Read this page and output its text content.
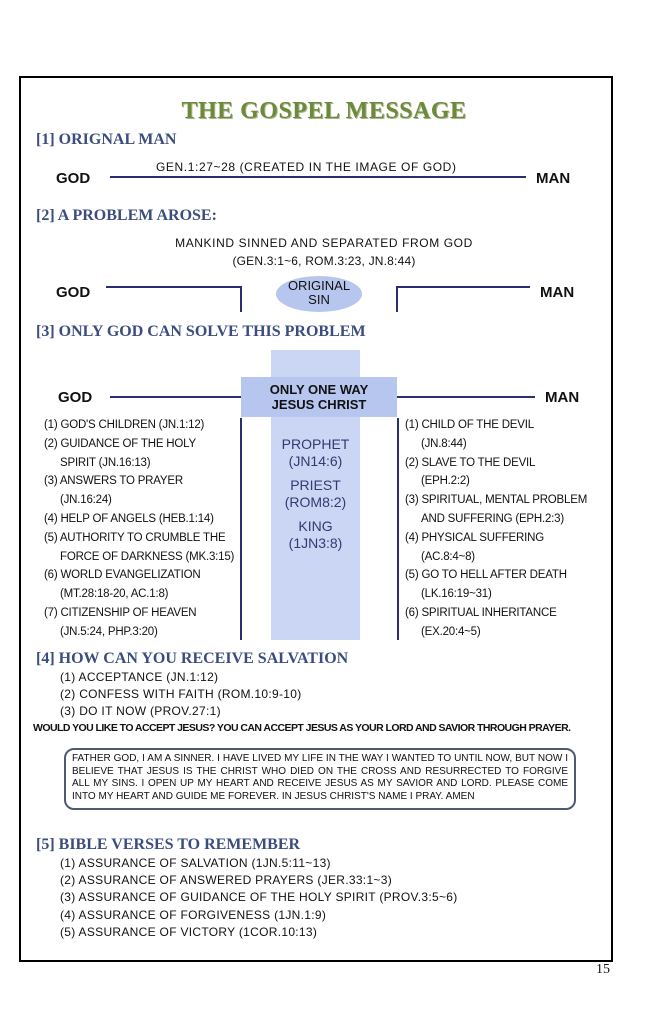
THE GOSPEL MESSAGE
[1] ORIGNAL MAN
GEN.1:27~28 (CREATED IN THE IMAGE OF GOD)
GOD	MAN
[2] A PROBLEM AROSE:
MANKIND SINNED AND SEPARATED FROM GOD
(GEN.3:1~6, ROM.3:23, JN.8:44)
GOD	ORIGINAL
SIN	MAN
[3] ONLY GOD CAN SOLVE THIS PROBLEM
ONLY ONE WAY
JESUS CHRIST
GOD	MAN
PROPHET
(JN14:6)
PRIEST
(ROM8:2)
KING
(1JN3:8)
(1) GOD'S CHILDREN (JN.1:12)
(2) GUIDANCE OF THE HOLY
SPIRIT (JN.16:13)
(3) ANSWERS TO PRAYER
(JN.16:24)
(4) HELP OF ANGELS (HEB.1:14)
(5) AUTHORITY TO CRUMBLE THE
FORCE OF DARKNESS (MK.3:15)
(6) WORLD EVANGELIZATION
(MT.28:18-20, AC.1:8)
(7) CITIZENSHIP OF HEAVEN
(JN.5:24, PHP.3:20)
(1) CHILD OF THE DEVIL
(JN.8:44)
(2) SLAVE TO THE DEVIL
(EPH.2:2)
(3) SPIRITUAL, MENTAL PROBLEM
AND SUFFERING (EPH.2:3)
(4) PHYSICAL SUFFERING
(AC.8:4~8)
(5) GO TO HELL AFTER DEATH
(LK.16:19~31)
(6) SPIRITUAL INHERITANCE
(EX.20:4~5)
[4] HOW CAN YOU RECEIVE SALVATION
(1) ACCEPTANCE (JN.1:12)
(2) CONFESS WITH FAITH (ROM.10:9-10)
(3) DO IT NOW (PROV.27:1)
WOULD YOU LIKE TO ACCEPT JESUS? YOU CAN ACCEPT JESUS AS YOUR LORD AND SAVIOR THROUGH PRAYER.
FATHER GOD, I AM A SINNER. I HAVE LIVED MY LIFE IN THE WAY I WANTED TO UNTIL NOW, BUT NOW I BELIEVE THAT JESUS IS THE CHRIST WHO DIED ON THE CROSS AND RESURRECTED TO FORGIVE ALL MY SINS. I OPEN UP MY HEART AND RECEIVE JESUS AS MY SAVIOR AND LORD. PLEASE COME INTO MY HEART AND GUIDE ME FOREVER. IN JESUS CHRIST'S NAME I PRAY. AMEN
[5] BIBLE VERSES TO REMEMBER
(1) ASSURANCE OF SALVATION (1JN.5:11~13)
(2) ASSURANCE OF ANSWERED PRAYERS (JER.33:1~3)
(3) ASSURANCE OF GUIDANCE OF THE HOLY SPIRIT (PROV.3:5~6)
(4) ASSURANCE OF FORGIVENESS (1JN.1:9)
(5) ASSURANCE OF VICTORY (1COR.10:13)
15
